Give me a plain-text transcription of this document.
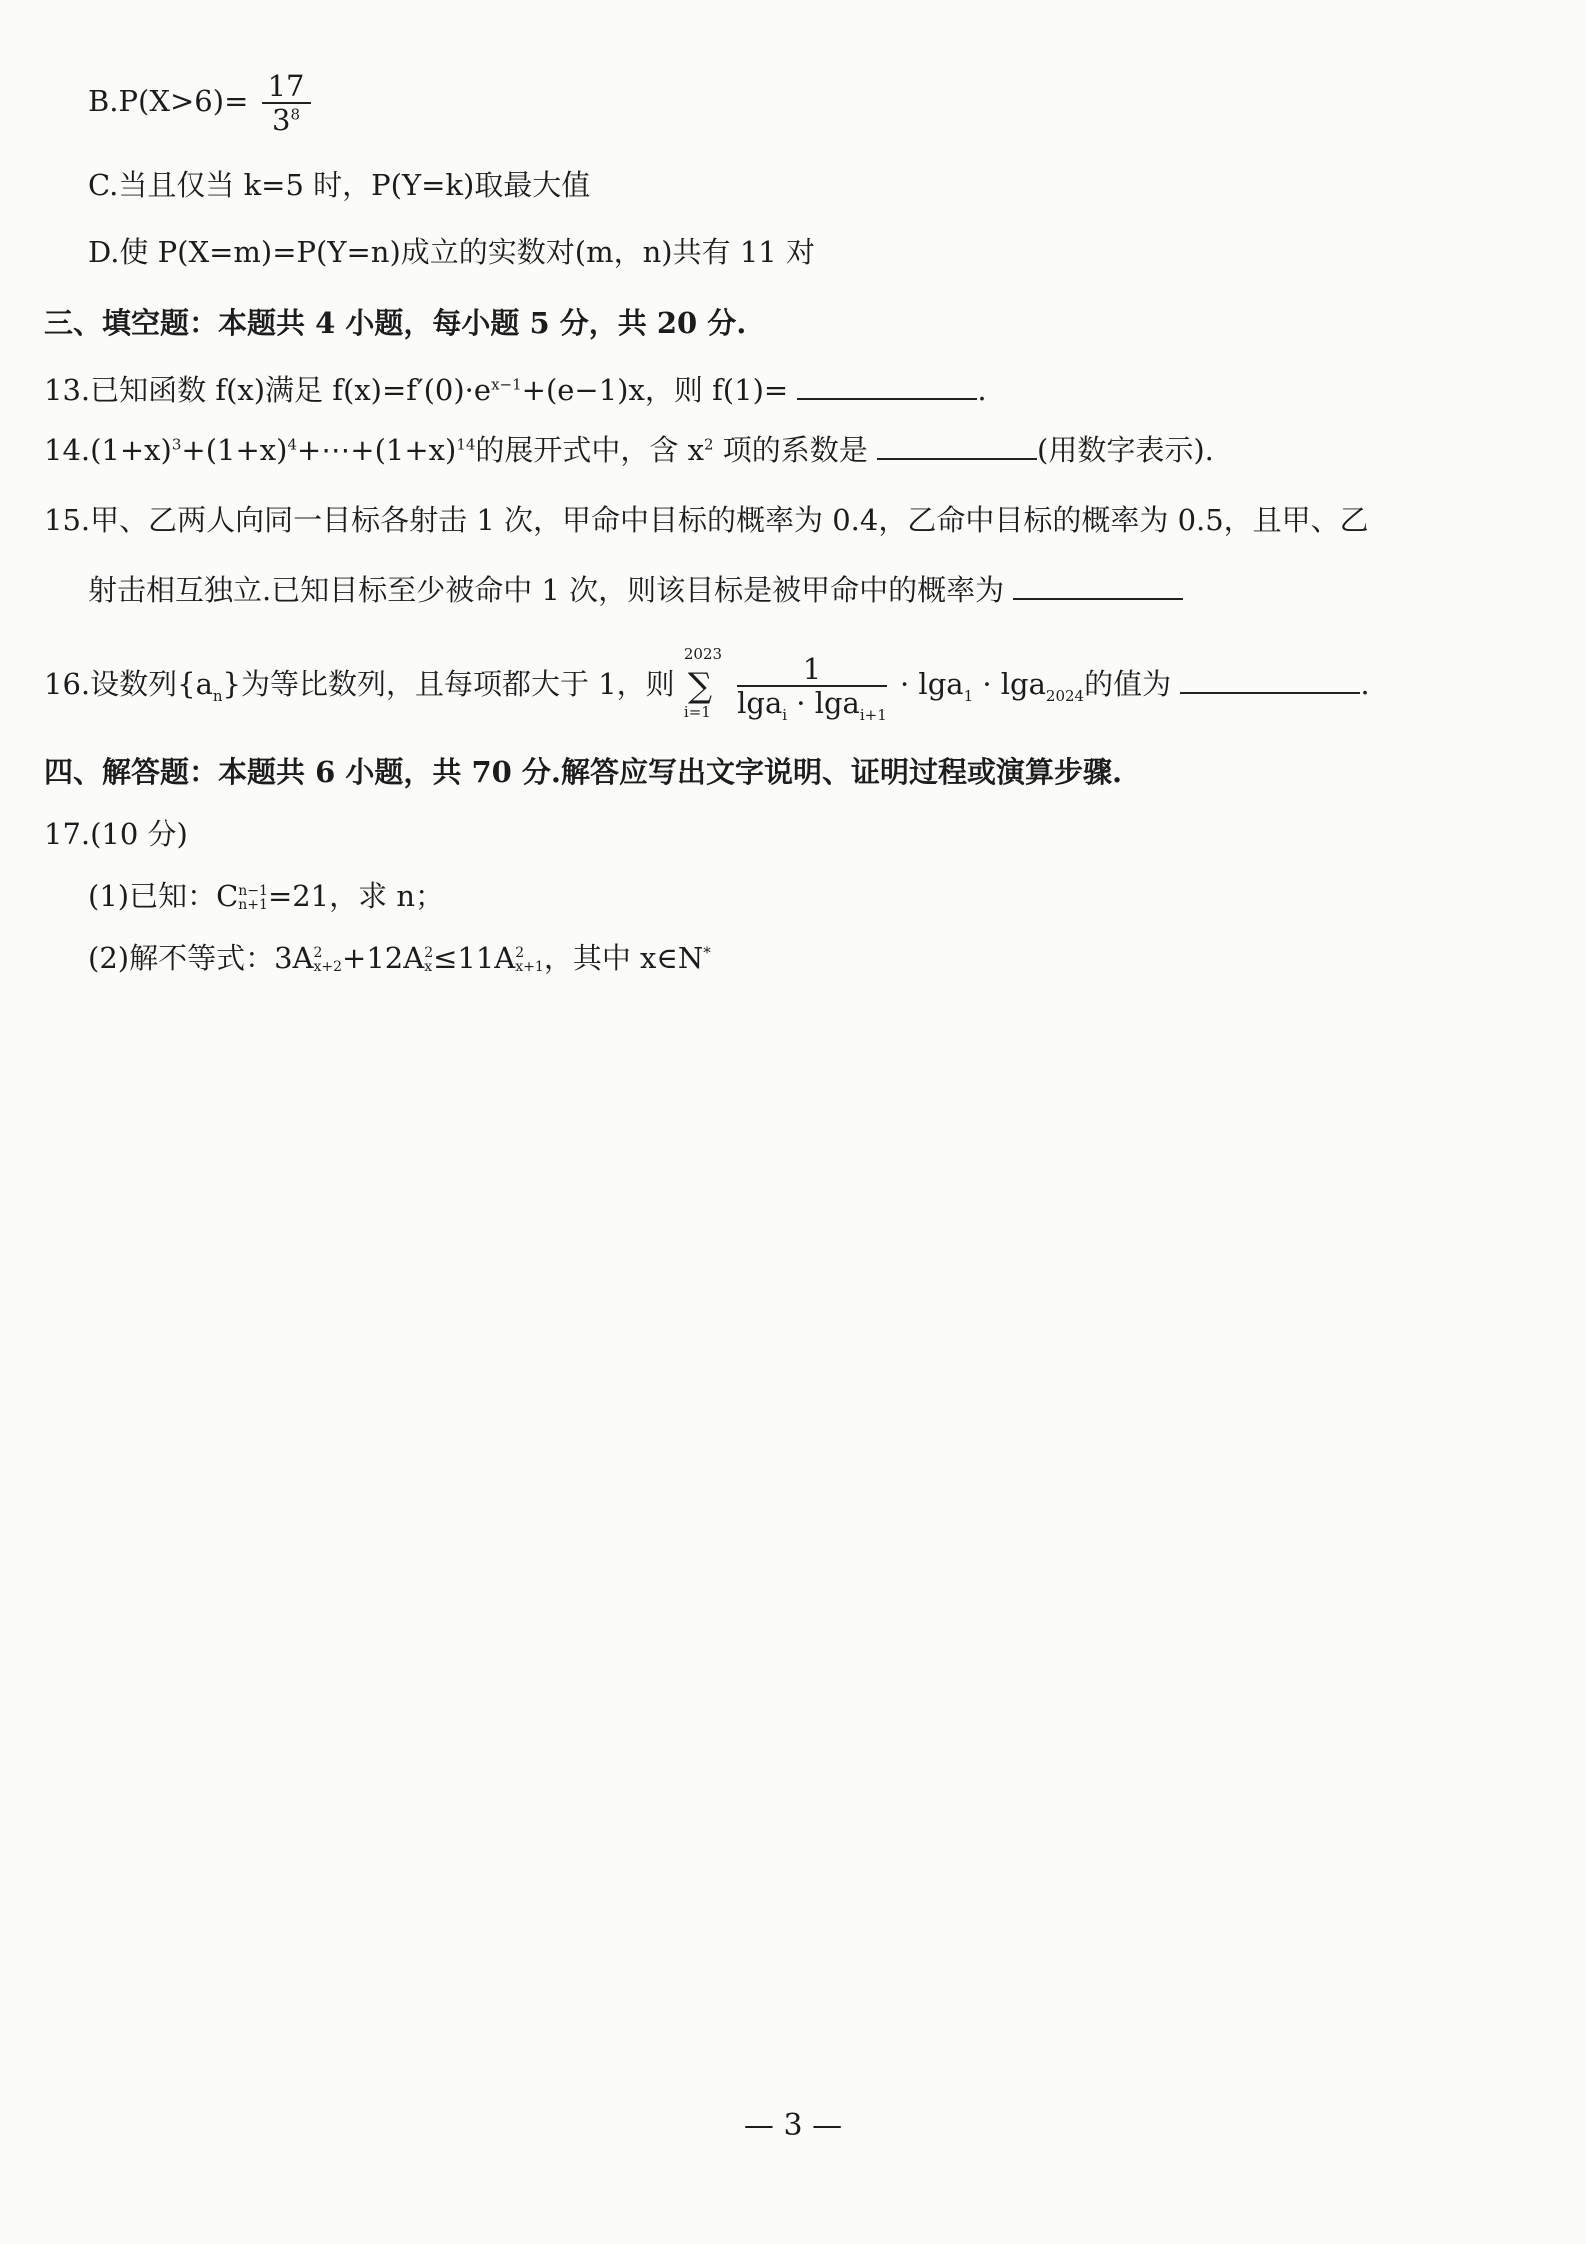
$B.P(X>6)= \frac{17}{3^8}$
C.当且仅当 k=5 时，P(Y=k)取最大值
D.使 P(X=m)=P(Y=n)成立的实数对(m，n)共有 11 对
三、填空题：本题共 4 小题，每小题 5 分，共 20 分.
13.已知函数 f(x)满足 $f(x)=f'(0)\cdot e^{x-1}+(e-1)x$，则 f(1)=	.
$14.(1+x)^3+(1+x)^4+\cdots+(1+x)^{14}$的展开式中，含 $x^2$ 项的系数是	(用数字表示).
15.甲、乙两人向同一目标各射击 1 次，甲命中目标的概率为 0.4，乙命中目标的概率为 0.5，且甲、乙
射击相互独立.已知目标至少被命中 1 次，则该目标是被甲命中的概率为
16.设数列$\{a_n\}$为等比数列，且每项都大于 1，则
2023
∑
i=1
$\frac{1}{\lg a_i \cdot \lg a_{i+1}} \cdot \lg a_1 \cdot \lg a_{2024}$的值为	.
四、解答题：本题共 6 小题，共 70 分.解答应写出文字说明、证明过程或演算步骤.
17.(10 分)
(1)已知：C n−1
n+1 =21，求 n；
(2)解不等式：3A 2
x+2 +12A 2
x ≤11A 2
x+1 ，其中 x∈N*
— 3 —
